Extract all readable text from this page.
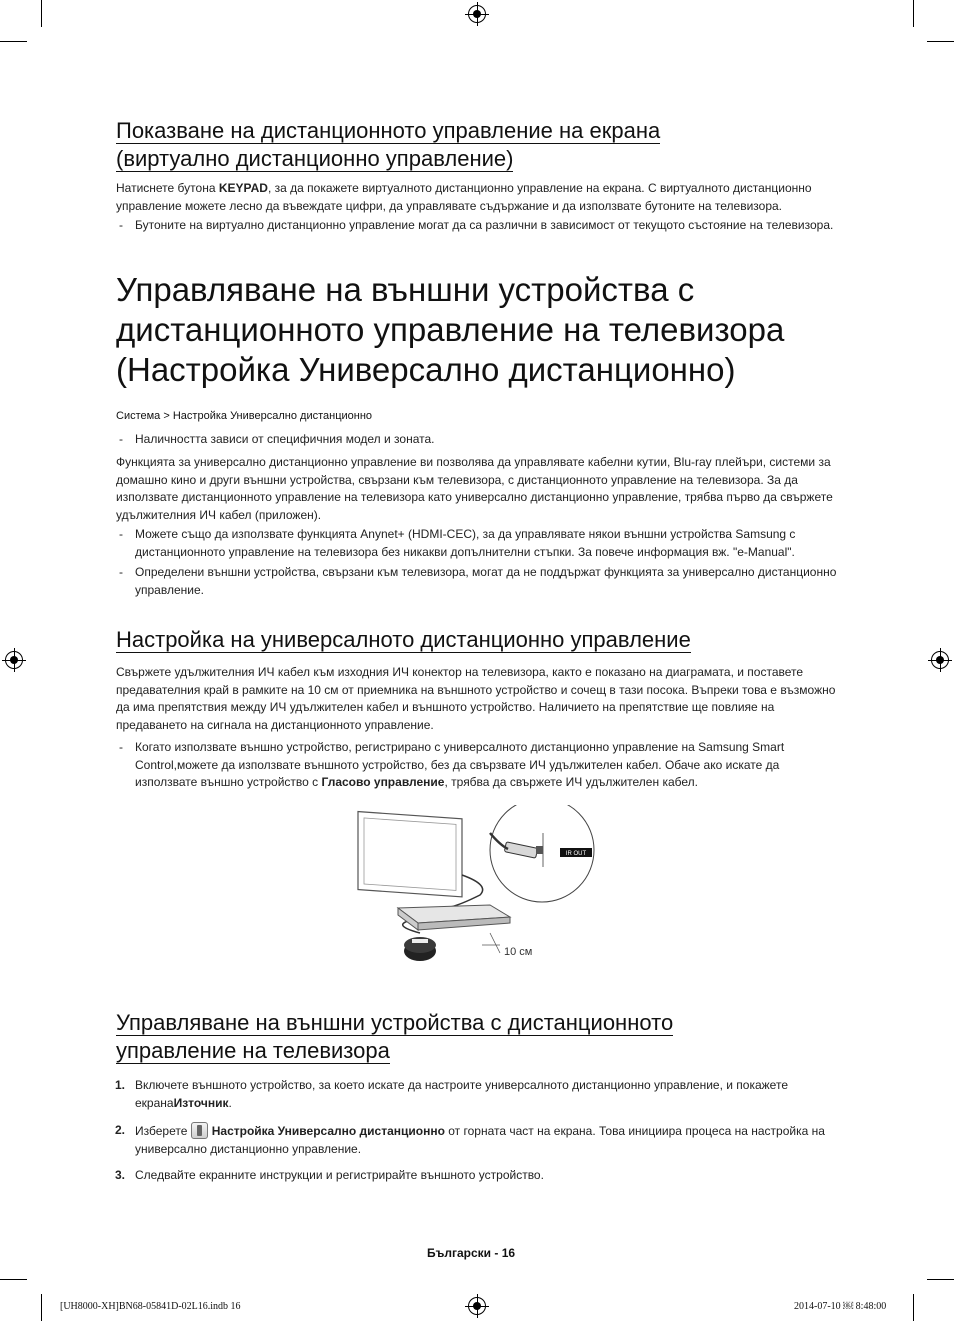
Показване на дистанционното управление на екрана
(виртуално дистанционно управление)

Натиснете бутона KEYPAD, за да покажете виртуалното дистанционно управление на екрана. С виртуалното дистанционно управление можете лесно да въвеждате цифри, да управлявате съдържание и да използвате бутоните на телевизора.

- Бутоните на виртуално дистанционно управление могат да са различни в зависимост от текущото състояние на телевизора.

Управляване на външни устройства с
дистанционното управление на телевизора
(Настройка Универсално дистанционно)
Система > Настройка Универсално дистанционно

- Наличността зависи от специфичния модел и зоната.

Функцията за универсално дистанционно управление ви позволява да управлявате кабелни кутии, Blu-ray плейъри, системи за домашно кино и други външни устройства, свързани към телевизора, с дистанционното управление на телевизора. За да използвате дистанционното управление на телевизора като универсално дистанционно управление, трябва първо да свържете удължителния ИЧ кабел (приложен).

- Можете също да използвате функцията Anynet+ (HDMI-CEC), за да управлявате някои външни устройства Samsung с дистанционното управление на телевизора без никакви допълнителни стъпки. За повече информация вж. "e-Manual".

- Определени външни устройства, свързани към телевизора, могат да не поддържат функцията за универсално дистанционно управление.

Настройка на универсалното дистанционно управление

Свържете удължителния ИЧ кабел към изходния ИЧ конектор на телевизора, както е показано на диаграмата, и поставете предавателния край в рамките на 10 см от приемника на външното устройство и сочещ в тази посока. Въпреки това е възможно да има препятствия между ИЧ удължителен кабел и външното устройство. Наличието на препятствие ще повлияе на предаването на сигнала на дистанционното управление.

- Когато използвате външно устройство, регистрирано с универсалното дистанционно управление на Samsung Smart Control,можете да използвате външното устройство, без да свързвате ИЧ удължителен кабел. Обаче ако искате да използвате външно устройство с Гласово управление, трябва да свържете ИЧ удължителен кабел.

IR OUT
10 см
Управляване на външни устройства с дистанционното
управление на телевизора

1. Включете външното устройство, за което искате да настроите универсалното дистанционно управление, и покажете екранаИзточник.

2. Изберете
Настройка Универсално дистанционно от горната част на екрана. Това инициира процеса на настройка на универсално дистанционно управление.

3. Следвайте екранните инструкции и регистрирайте външното устройство.

Български - 16
[UH8000-XH]BN68-05841D-02L16.indb 16	2014-07-10 ￼ 8:48:00
